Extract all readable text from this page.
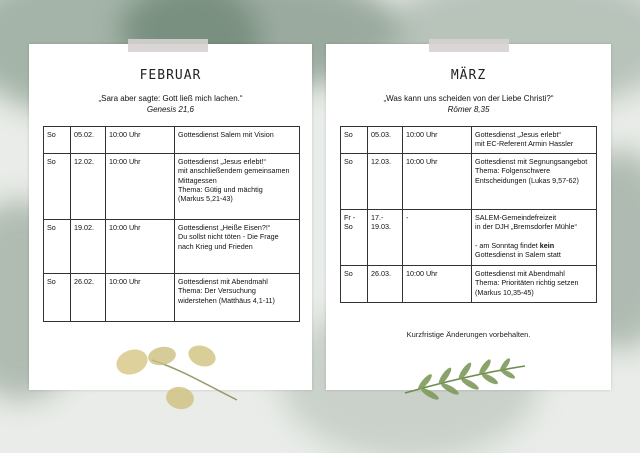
FEBRUAR
„Sara aber sagte: Gott ließ mich lachen.“
Genesis 21,6
So	05.02.	10:00 Uhr	Gottesdienst Salem mit Vision

So	12.02.	10:00 Uhr	Gottesdienst „Jesus erlebt!“
mit anschließendem gemeinsamen
Mittagessen
Thema: Gütig und mächtig
(Markus 5,21-43)

So	19.02.	10:00 Uhr	Gottesdienst „Heiße Eisen?!“
Du sollst nicht töten - Die Frage
nach Krieg und Frieden

So	26.02.	10:00 Uhr	Gottesdienst mit Abendmahl
Thema: Der Versuchung
widerstehen (Matthäus 4,1-11)
MÄRZ
„Was kann uns scheiden von der Liebe Christi?“
Römer 8,35
So	05.03.	10:00 Uhr	Gottesdienst „Jesus erlebt“
mit EC-Referent Armin Hassler

So	12.03.	10:00 Uhr	Gottesdienst mit Segnungsangebot
Thema: Folgenschwere
Entscheidungen (Lukas 9,57-62)

Fr - So	17.- 19.03.	-	SALEM-Gemeindefreizeit
in der DJH „Bremsdorfer Mühle“
- am Sonntag findet kein
Gottesdienst in Salem statt

So	26.03.	10:00 Uhr	Gottesdienst mit Abendmahl
Thema: Prioritäten richtig setzen
(Markus 10,35-45)
Kurzfristige Änderungen vorbehalten.
